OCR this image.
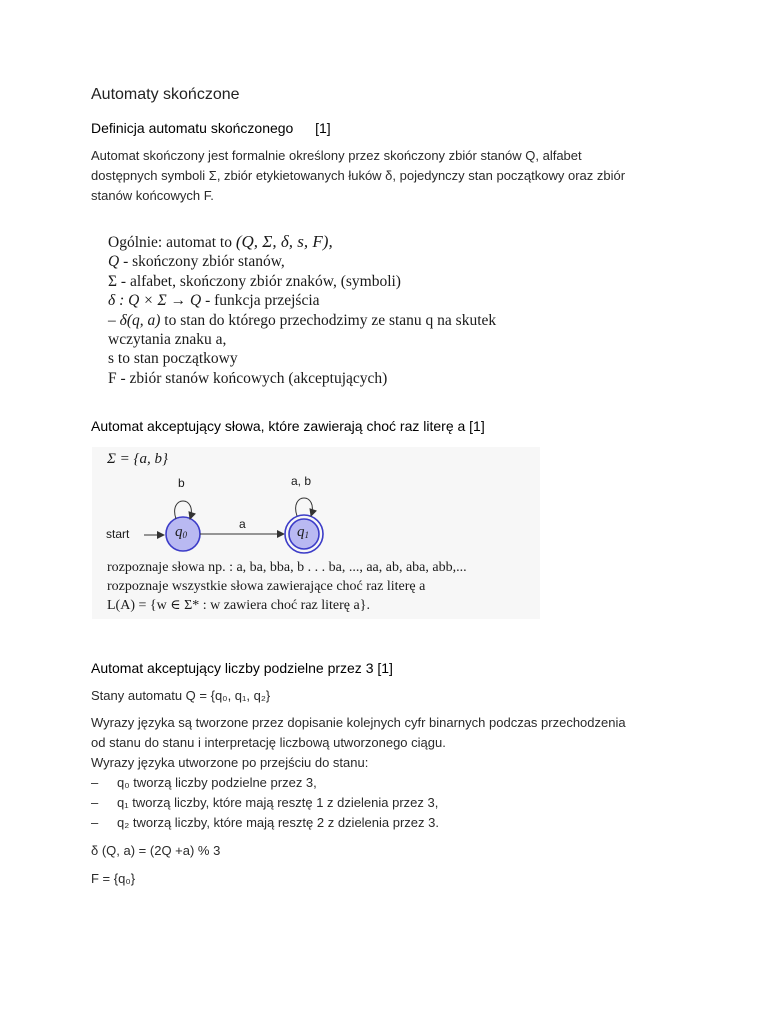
Automaty skończone
Definicja automatu skończonego [1]

Automat skończony jest formalnie określony przez skończony zbiór stanów Q, alfabet

dostępnych symboli Σ, zbiór etykietowanych łuków δ, pojedynczy stan początkowy oraz zbiór

stanów końcowych F.

Ogólnie: automat to (Q, Σ, δ, s, F),
Q - skończony zbiór stanów,
Σ - alfabet, skończony zbiór znaków, (symboli)
δ : Q × Σ → Q - funkcja przejścia
– δ(q, a) to stan do którego przechodzimy ze stanu q na skutek
wczytania znaku a,
s to stan początkowy
F - zbiór stanów końcowych (akceptujących)
Automat akceptujący słowa, które zawierają choć raz literę a [1]
Σ = {a, b}
b	a, b
start
a
$q_0$	$q_1$
rozpoznaje słowa np. : a, ba, bba, b . . . ba, ..., aa, ab, aba, abb,...
rozpoznaje wszystkie słowa zawierające choć raz literę a
L(A) = {w ∈ Σ* : w zawiera choć raz literę a}.
Automat akceptujący liczby podzielne przez 3 [1]
Stany automatu Q = {q₀, q₁, q₂}

Wyrazy języka są tworzone przez dopisanie kolejnych cyfr binarnych podczas przechodzenia

od stanu do stanu i interpretację liczbową utworzonego ciągu.

Wyrazy języka utworzone po przejściu do stanu:

–	q₀ tworzą liczby podzielne przez 3,
–	q₁ tworzą liczby, które mają resztę 1 z dzielenia przez 3,
–	q₂ tworzą liczby, które mają resztę 2 z dzielenia przez 3.
δ (Q, a) = (2Q +a) % 3
F = {q₀}
